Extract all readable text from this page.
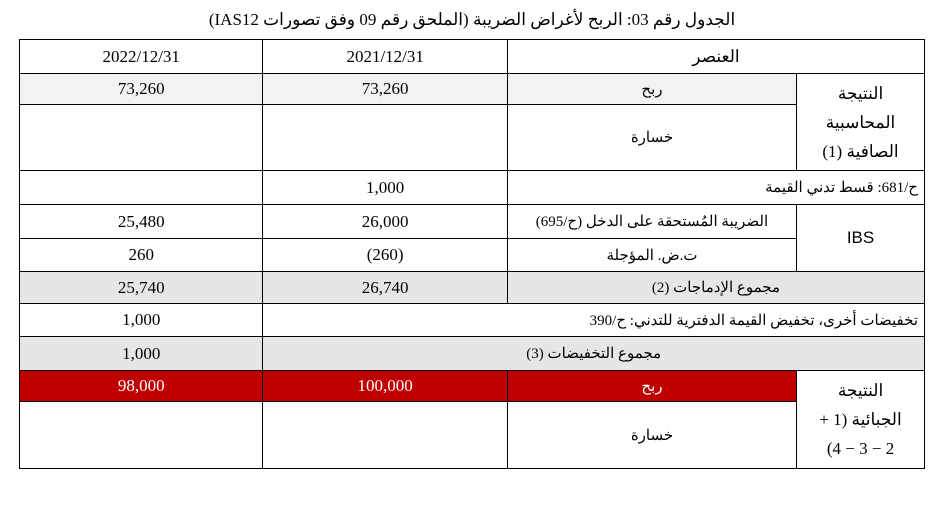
الجدول رقم 03: الربح لأغراض الضريبة (الملحق رقم 09 وفق تصورات IAS12)
العنصر		2021/12/31	2022/12/31

النتيجة
المحاسبية
الصافية (1)	ربح	73,260	73,260
	خسارة		
ح/681: قسط تدني القيمة		1,000	
IBS	الضريبة المُستحقة على الدخل (ح/695)	26,000	25,480
	ت.ض. المؤجلة	(260)	260
مجموع الإدماجات (2)		26,740	25,740
تخفيضات أخرى، تخفيض القيمة الدفترية للتدني: ح/390			1,000
مجموع التخفيضات (3)			1,000

النتيجة
الجبائية (1 +
2 − 3 − 4)	ربح	100,000	98,000
	خسارة		
